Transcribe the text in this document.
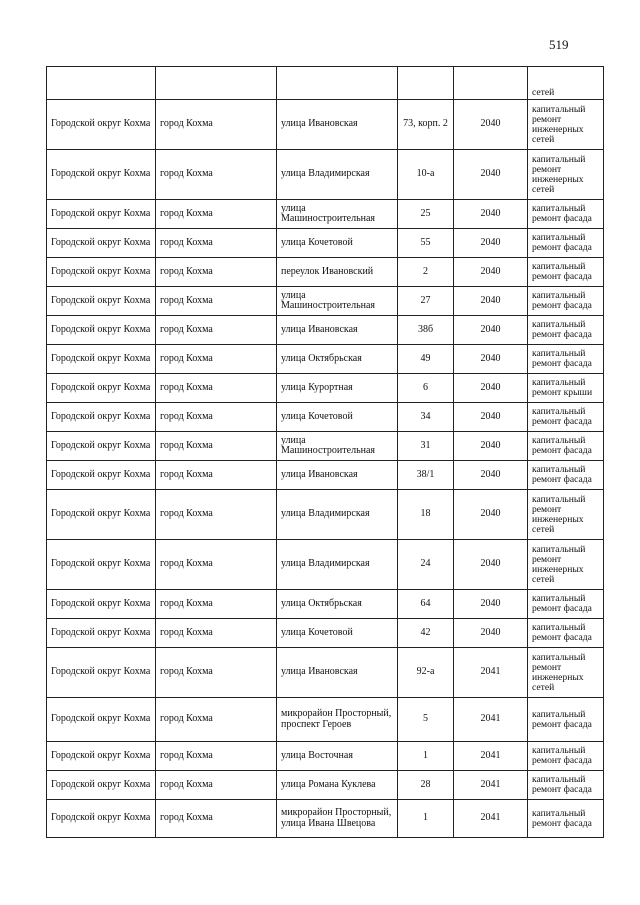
519
					сетей
Городской округ Кохма	город Кохма	улица Ивановская	73, корп. 2	2040	капитальный ремонт инженерных сетей
Городской округ Кохма	город Кохма	улица Владимирская	10-а	2040	капитальный ремонт инженерных сетей
Городской округ Кохма	город Кохма	улица Машиностроительная	25	2040	капитальный ремонт фасада
Городской округ Кохма	город Кохма	улица Кочетовой	55	2040	капитальный ремонт фасада
Городской округ Кохма	город Кохма	переулок Ивановский	2	2040	капитальный ремонт фасада
Городской округ Кохма	город Кохма	улица Машиностроительная	27	2040	капитальный ремонт фасада
Городской округ Кохма	город Кохма	улица Ивановская	38б	2040	капитальный ремонт фасада
Городской округ Кохма	город Кохма	улица Октябрьская	49	2040	капитальный ремонт фасада
Городской округ Кохма	город Кохма	улица Курортная	6	2040	капитальный ремонт крыши
Городской округ Кохма	город Кохма	улица Кочетовой	34	2040	капитальный ремонт фасада
Городской округ Кохма	город Кохма	улица Машиностроительная	31	2040	капитальный ремонт фасада
Городской округ Кохма	город Кохма	улица Ивановская	38/1	2040	капитальный ремонт фасада
Городской округ Кохма	город Кохма	улица Владимирская	18	2040	капитальный ремонт инженерных сетей
Городской округ Кохма	город Кохма	улица Владимирская	24	2040	капитальный ремонт инженерных сетей
Городской округ Кохма	город Кохма	улица Октябрьская	64	2040	капитальный ремонт фасада
Городской округ Кохма	город Кохма	улица Кочетовой	42	2040	капитальный ремонт фасада
Городской округ Кохма	город Кохма	улица Ивановская	92-а	2041	капитальный ремонт инженерных сетей
Городской округ Кохма	город Кохма	микрорайон Просторный, проспект Героев	5	2041	капитальный ремонт фасада
Городской округ Кохма	город Кохма	улица Восточная	1	2041	капитальный ремонт фасада
Городской округ Кохма	город Кохма	улица Романа Куклева	28	2041	капитальный ремонт фасада
Городской округ Кохма	город Кохма	микрорайон Просторный, улица Ивана Швецова	1	2041	капитальный ремонт фасада
